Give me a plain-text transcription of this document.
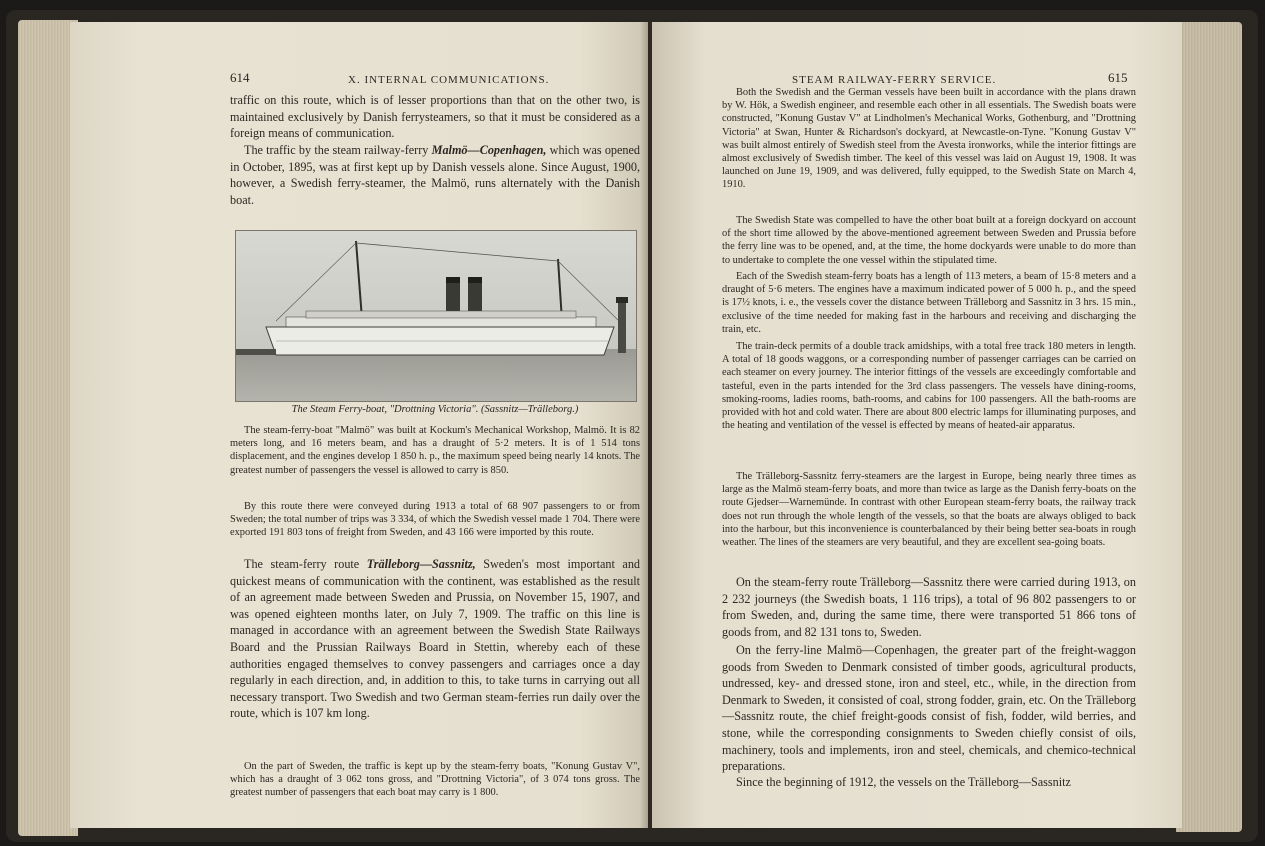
614	X. INTERNAL COMMUNICATIONS.

traffic on this route, which is of lesser proportions than that on the other two, is maintained exclusively by Danish ferrysteamers, so that it must be considered as a foreign means of communication.

The traffic by the steam railway-ferry Malmö—Copenhagen, which was opened in October, 1895, was at first kept up by Danish vessels alone. Since August, 1900, however, a Swedish ferry-steamer, the Malmö, runs alternately with the Danish boat.

The Steam Ferry-boat, "Drottning Victoria". (Sassnitz—Trälleborg.)

The steam-ferry-boat "Malmö" was built at Kockum's Mechanical Workshop, Malmö. It is 82 meters long, and 16 meters beam, and has a draught of 5·2 meters. It is of 1 514 tons displacement, and the engines develop 1 850 h. p., the maximum speed being nearly 14 knots. The greatest number of passengers the vessel is allowed to carry is 850.

By this route there were conveyed during 1913 a total of 68 907 passengers to or from Sweden; the total number of trips was 3 334, of which the Swedish vessel made 1 704. There were exported 191 803 tons of freight from Sweden, and 43 166 were imported by this route.

The steam-ferry route Trälleborg—Sassnitz, Sweden's most important and quickest means of communication with the continent, was established as the result of an agreement made between Sweden and Prussia, on November 15, 1907, and was opened eighteen months later, on July 7, 1909. The traffic on this line is managed in accordance with an agreement between the Swedish State Railways Board and the Prussian Railways Board in Stettin, whereby each of these authorities engaged themselves to convey passengers and carriages once a day regularly in each direction, and, in addition to this, to take turns in carrying out all necessary transport. Two Swedish and two German steam-ferries run daily over the route, which is 107 km long.

On the part of Sweden, the traffic is kept up by the steam-ferry boats, "Konung Gustav V", which has a draught of 3 062 tons gross, and "Drottning Victoria", of 3 074 tons gross. The greatest number of passengers that each boat may carry is 1 800.

STEAM RAILWAY-FERRY SERVICE.	615

Both the Swedish and the German vessels have been built in accordance with the plans drawn by W. Hök, a Swedish engineer, and resemble each other in all essentials. The Swedish boats were constructed, "Konung Gustav V" at Lindholmen's Mechanical Works, Gothenburg, and "Drottning Victoria" at Swan, Hunter & Richardson's dockyard, at Newcastle-on-Tyne. "Konung Gustav V" was built almost entirely of Swedish steel from the Avesta ironworks, while the interior fittings are almost exclusively of Swedish timber. The keel of this vessel was laid on August 19, 1908. It was launched on June 19, 1909, and was delivered, fully equipped, to the Swedish State on March 4, 1910.

The Swedish State was compelled to have the other boat built at a foreign dockyard on account of the short time allowed by the above-mentioned agreement between Sweden and Prussia before the ferry line was to be opened, and, at the time, the home dockyards were unable to do more than to undertake to complete the one vessel within the stipulated time.

Each of the Swedish steam-ferry boats has a length of 113 meters, a beam of 15·8 meters and a draught of 5·6 meters. The engines have a maximum indicated power of 5 000 h. p., and the speed is 17½ knots, i. e., the vessels cover the distance between Trälleborg and Sassnitz in 3 hrs. 15 min., exclusive of the time needed for making fast in the harbours and receiving and discharging the train, etc.

The train-deck permits of a double track amidships, with a total free track 180 meters in length. A total of 18 goods waggons, or a corresponding number of passenger carriages can be carried on each steamer on every journey. The interior fittings of the vessels are exceedingly comfortable and tasteful, even in the parts intended for the 3rd class passengers. The vessels have dining-rooms, smoking-rooms, ladies rooms, bath-rooms, and cabins for 100 passengers. All the bath-rooms are provided with hot and cold water. There are about 800 electric lamps for illuminating purposes, and the heating and ventilation of the vessel is effected by means of heated-air apparatus.

The Trälleborg-Sassnitz ferry-steamers are the largest in Europe, being nearly three times as large as the Malmö steam-ferry boats, and more than twice as large as the Danish ferry-boats on the route Gjedser—Warnemünde. In contrast with other European steam-ferry boats, the railway track does not run through the whole length of the vessels, so that the boats are always obliged to back into the harbour, but this inconvenience is counterbalanced by their being better sea-boats in rough weather. The lines of the steamers are very beautiful, and they are excellent sea-going boats.

On the steam-ferry route Trälleborg—Sassnitz there were carried during 1913, on 2 232 journeys (the Swedish boats, 1 116 trips), a total of 96 802 passengers to or from Sweden, and, during the same time, there were transported 51 866 tons of goods from, and 82 131 tons to, Sweden.

On the ferry-line Malmö—Copenhagen, the greater part of the freight-waggon goods from Sweden to Denmark consisted of timber goods, agricultural products, undressed, key- and dressed stone, iron and steel, etc., while, in the direction from Denmark to Sweden, it consisted of coal, strong fodder, grain, etc. On the Trälleborg—Sassnitz route, the chief freight-goods consist of fish, fodder, wild berries, and stone, while the corresponding consignments to Sweden chiefly consist of oils, machinery, tools and implements, iron and steel, chemicals, and chemico-technical preparations.

Since the beginning of 1912, the vessels on the Trälleborg—Sassnitz
